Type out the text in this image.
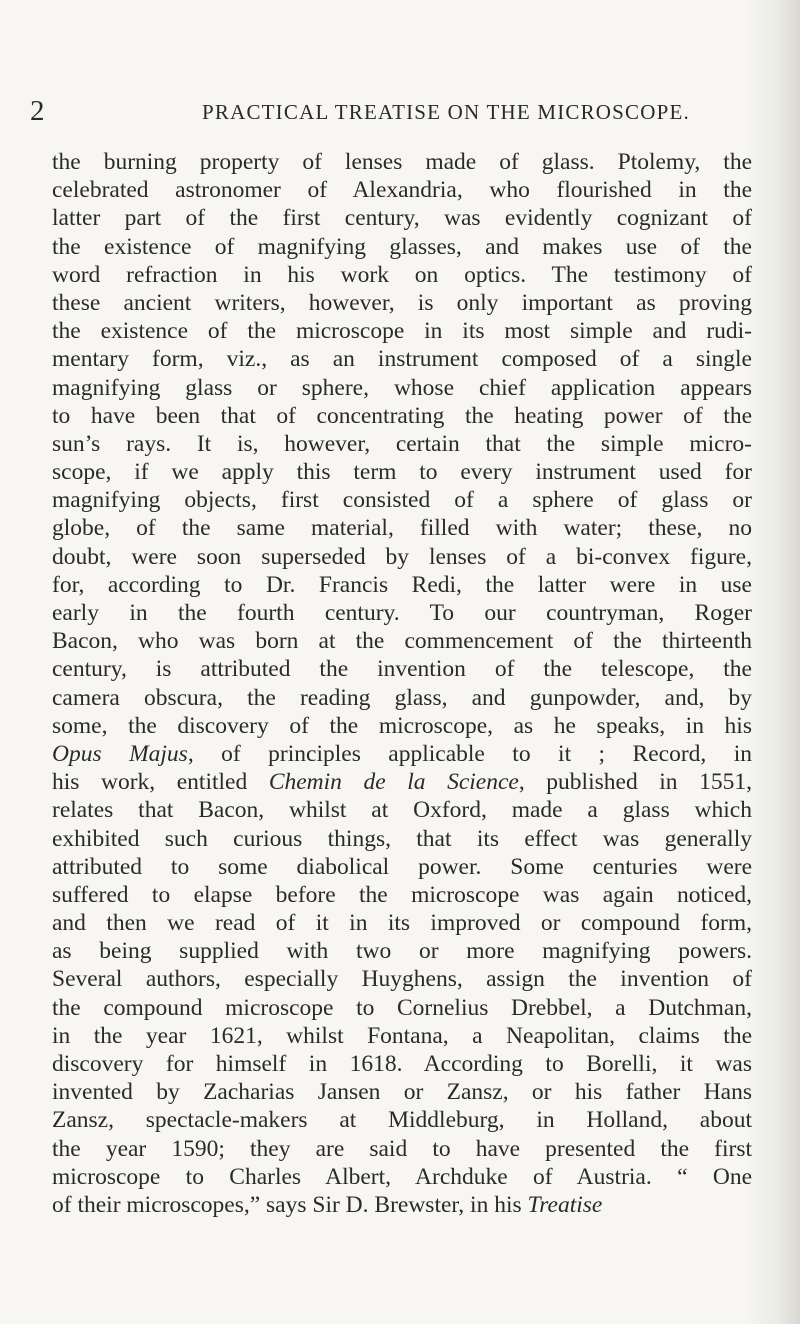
2	PRACTICAL TREATISE ON THE MICROSCOPE.
the burning property of lenses made of glass. Ptolemy, the
celebrated astronomer of Alexandria, who flourished in the
latter part of the first century, was evidently cognizant of
the existence of magnifying glasses, and makes use of the
word refraction in his work on optics. The testimony of
these ancient writers, however, is only important as proving
the existence of the microscope in its most simple and rudi-
mentary form, viz., as an instrument composed of a single
magnifying glass or sphere, whose chief application appears
to have been that of concentrating the heating power of the
sun’s rays. It is, however, certain that the simple micro-
scope, if we apply this term to every instrument used for
magnifying objects, first consisted of a sphere of glass or
globe, of the same material, filled with water; these, no
doubt, were soon superseded by lenses of a bi-convex figure,
for, according to Dr. Francis Redi, the latter were in use
early in the fourth century. To our countryman, Roger
Bacon, who was born at the commencement of the thirteenth
century, is attributed the invention of the telescope, the
camera obscura, the reading glass, and gunpowder, and, by
some, the discovery of the microscope, as he speaks, in his
Opus Majus, of principles applicable to it ; Record, in
his work, entitled Chemin de la Science, published in 1551,
relates that Bacon, whilst at Oxford, made a glass which
exhibited such curious things, that its effect was generally
attributed to some diabolical power. Some centuries were
suffered to elapse before the microscope was again noticed,
and then we read of it in its improved or compound form,
as being supplied with two or more magnifying powers.
Several authors, especially Huyghens, assign the invention of
the compound microscope to Cornelius Drebbel, a Dutchman,
in the year 1621, whilst Fontana, a Neapolitan, claims the
discovery for himself in 1618. According to Borelli, it was
invented by Zacharias Jansen or Zansz, or his father Hans
Zansz, spectacle-makers at Middleburg, in Holland, about
the year 1590; they are said to have presented the first
microscope to Charles Albert, Archduke of Austria. “ One
of their microscopes,” says Sir D. Brewster, in his Treatise
